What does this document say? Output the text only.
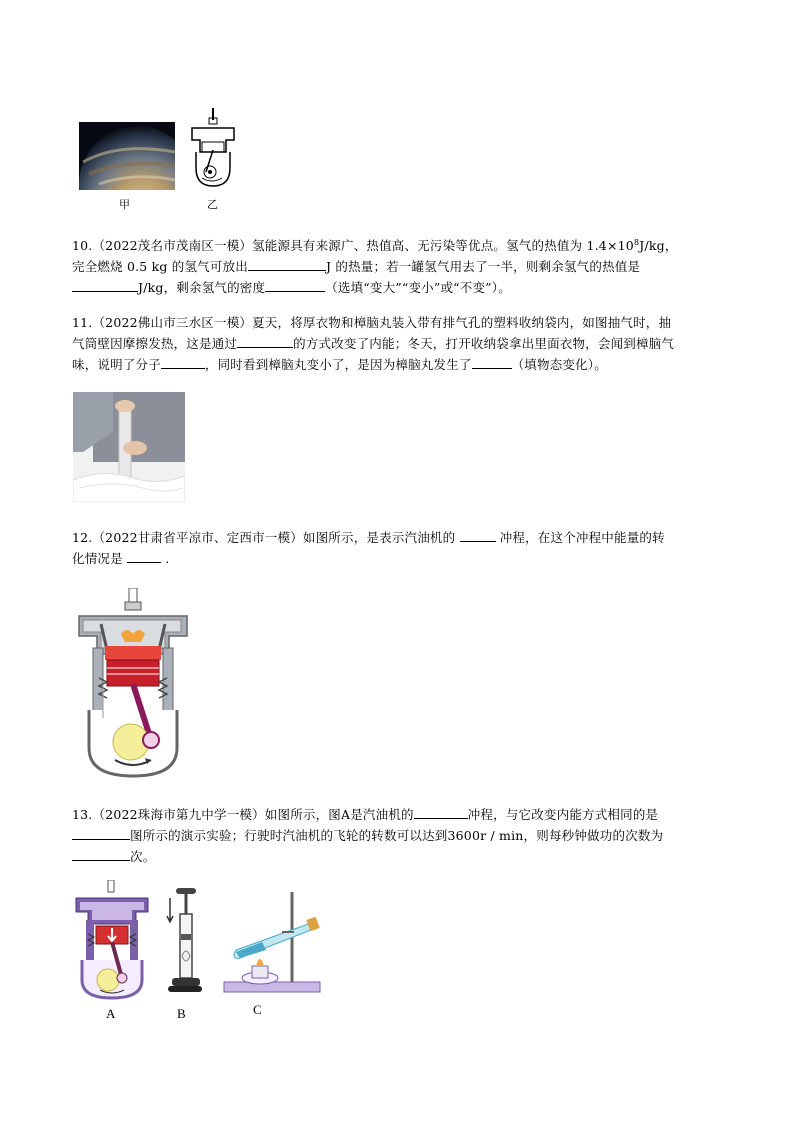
甲	乙
10.（2022茂名市茂南区一模）氢能源具有来源广、热值高、无污染等优点。氢气的热值为 $1.4\times 10^8J/kg$，
完全燃烧 0.5 kg 的氢气可放出	J 的热量；若一罐氢气用去了一半，则剩余氢气的热值是
J/kg，剩余氢气的密度	（选填“变大”“变小”或“不变”）。
11.（2022佛山市三水区一模）夏天，将厚衣物和樟脑丸装入带有排气孔的塑料收纳袋内，如图抽气时，抽
气筒壁因摩擦发热，这是通过	的方式改变了内能；冬天，打开收纳袋拿出里面衣物，会闻到樟脑气
味，说明了分子	，同时看到樟脑丸变小了，是因为樟脑丸发生了	（填物态变化）。
12.（2022甘肃省平凉市、定西市一模）如图所示，是表示汽油机的	冲程，在这个冲程中能量的转
化情况是	.
13.（2022珠海市第九中学一模）如图所示，图A是汽油机的	冲程，与它改变内能方式相同的是
图所示的演示实验；行驶时汽油机的飞轮的转数可以达到3600r / min，则每秒钟做功的次数为
次。
A	B	C
